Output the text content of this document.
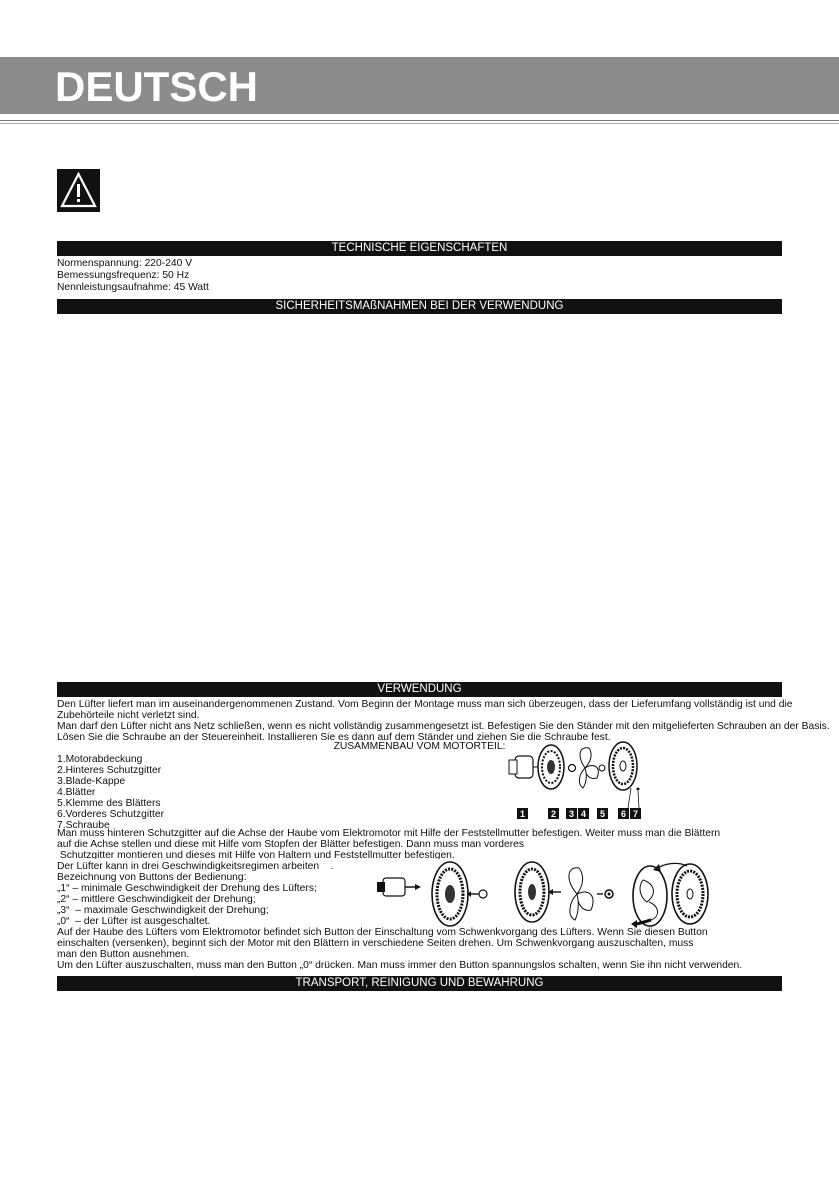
DEUTSCH
TECHNISCHE EIGENSCHAFTEN
Normenspannung: 220-240 V
Bemessungsfrequenz: 50 Hz
Nennleistungsaufnahme: 45 Watt
SICHERHEITSMAßNAHMEN BEI DER VERWENDUNG
VERWENDUNG
Den Lüfter liefert man im auseinandergenommenen Zustand. Vom Beginn der Montage muss man sich überzeugen, dass der Lieferumfang vollständig ist und die
Zubehörteile nicht verletzt sind.
Man darf den Lüfter nicht ans Netz schließen, wenn es nicht vollständig zusammengesetzt ist. Befestigen Sie den Ständer mit den mitgelieferten Schrauben an der Basis.
Lösen Sie die Schraube an der Steuereinheit. Installieren Sie es dann auf dem Ständer und ziehen Sie die Schraube fest.
ZUSAMMENBAU VOM MOTORTEIL:
1.Motorabdeckung
2.Hinteres Schutzgitter
3.Blade-Kappe
4.Blätter
5.Klemme des Blätters
6.Vorderes Schutzgitter
7.Schraube
1	2 3 4 5 6 7
Man muss hinteren Schutzgitter auf die Achse der Haube vom Elektromotor mit Hilfe der Feststellmutter befestigen. Weiter muss man die Blättern
auf die Achse stellen und diese mit Hilfe vom Stopfen der Blätter befestigen. Dann muss man vorderes
Schutzgitter montieren und dieses mit Hilfe von Haltern und Feststellmutter befestigen.
Der Lüfter kann in drei Geschwindigkeitsregimen arbeiten    .
Bezeichnung von Buttons der Bedienung:
„1“ – minimale Geschwindigkeit der Drehung des Lüfters;
„2“ – mittlere Geschwindigkeit der Drehung;
„3“  – maximale Geschwindigkeit der Drehung;
„0“  – der Lüfter ist ausgeschaltet.
Auf der Haube des Lüfters vom Elektromotor befindet sich Button der Einschaltung vom Schwenkvorgang des Lüfters. Wenn Sie diesen Button
einschalten (versenken), beginnt sich der Motor mit den Blättern in verschiedene Seiten drehen. Um Schwenkvorgang auszuschalten, muss
man den Button ausnehmen.
Um den Lüfter auszuschalten, muss man den Button „0“ drücken. Man muss immer den Button spannungslos schalten, wenn Sie ihn nicht verwenden.
TRANSPORT, REINIGUNG UND BEWAHRUNG
